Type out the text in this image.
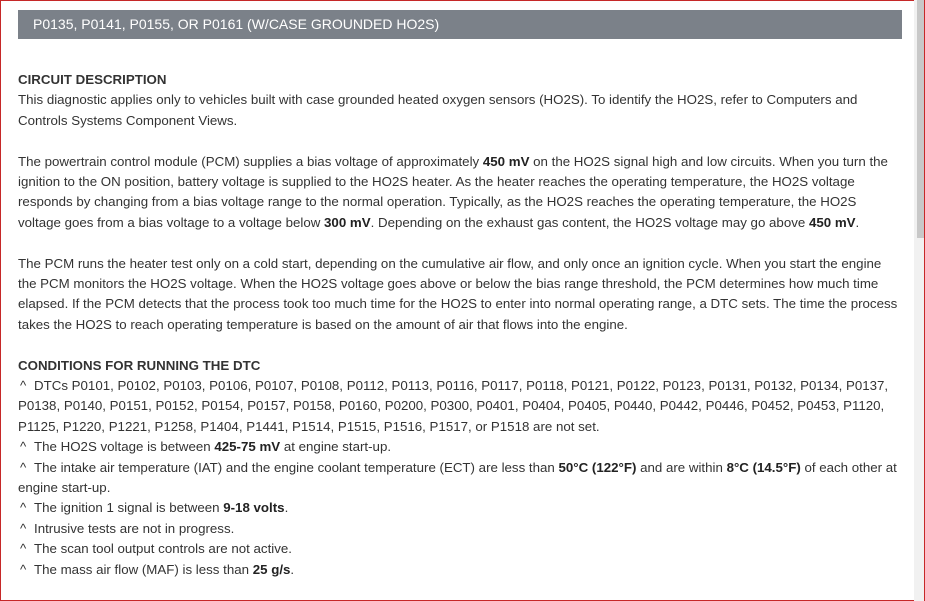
P0135, P0141, P0155, OR P0161 (W/CASE GROUNDED HO2S)

CIRCUIT DESCRIPTION

This diagnostic applies only to vehicles built with case grounded heated oxygen sensors (HO2S). To identify the HO2S, refer to Computers and Controls Systems Component Views.

The powertrain control module (PCM) supplies a bias voltage of approximately 450 mV on the HO2S signal high and low circuits. When you turn the ignition to the ON position, battery voltage is supplied to the HO2S heater. As the heater reaches the operating temperature, the HO2S voltage responds by changing from a bias voltage range to the normal operation. Typically, as the HO2S reaches the operating temperature, the HO2S voltage goes from a bias voltage to a voltage below 300 mV. Depending on the exhaust gas content, the HO2S voltage may go above 450 mV.

The PCM runs the heater test only on a cold start, depending on the cumulative air flow, and only once an ignition cycle. When you start the engine the PCM monitors the HO2S voltage. When the HO2S voltage goes above or below the bias range threshold, the PCM determines how much time elapsed. If the PCM detects that the process took too much time for the HO2S to enter into normal operating range, a DTC sets. The time the process takes the HO2S to reach operating temperature is based on the amount of air that flows into the engine.

CONDITIONS FOR RUNNING THE DTC

^ DTCs P0101, P0102, P0103, P0106, P0107, P0108, P0112, P0113, P0116, P0117, P0118, P0121, P0122, P0123, P0131, P0132, P0134, P0137, P0138, P0140, P0151, P0152, P0154, P0157, P0158, P0160, P0200, P0300, P0401, P0404, P0405, P0440, P0442, P0446, P0452, P0453, P1120, P1125, P1220, P1221, P1258, P1404, P1441, P1514, P1515, P1516, P1517, or P1518 are not set.

^ The HO2S voltage is between 425-75 mV at engine start-up.

^ The intake air temperature (IAT) and the engine coolant temperature (ECT) are less than 50°C (122°F) and are within 8°C (14.5°F) of each other at engine start-up.

^ The ignition 1 signal is between 9-18 volts.

^ Intrusive tests are not in progress.

^ The scan tool output controls are not active.

^ The mass air flow (MAF) is less than 25 g/s.
